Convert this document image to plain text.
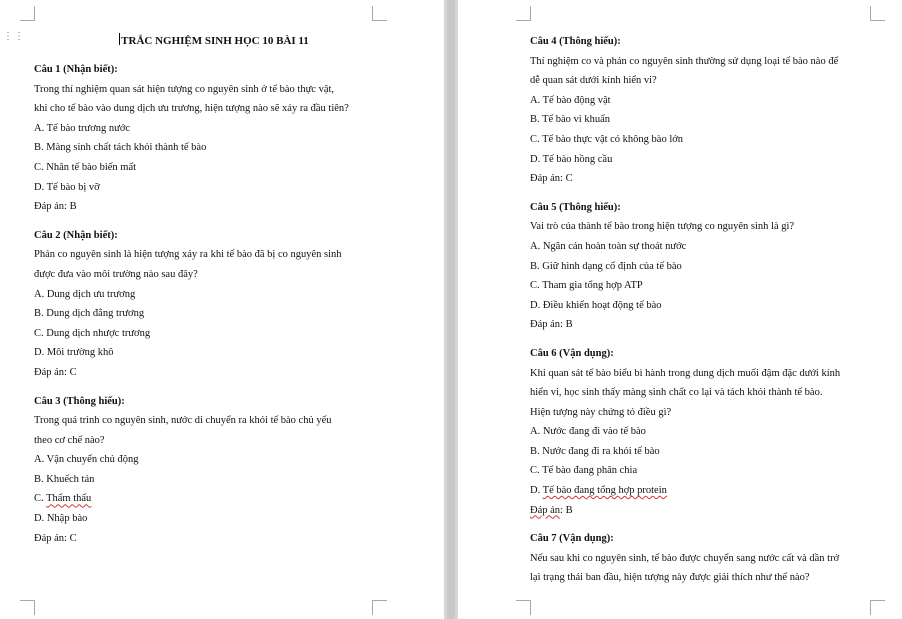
⋮⋮	TRẮC NGHIỆM SINH HỌC 10 BÀI 11
Câu 1 (Nhận biết):
Trong thí nghiệm quan sát hiện tượng co nguyên sinh ở tế bào thực vật,
khi cho tế bào vào dung dịch ưu trương, hiện tượng nào sẽ xảy ra đầu tiên?
A. Tế bào trương nước
B. Màng sinh chất tách khỏi thành tế bào
C. Nhân tế bào biến mất
D. Tế bào bị vỡ
Đáp án: B
Câu 2 (Nhận biết):
Phản co nguyên sinh là hiện tượng xảy ra khi tế bào đã bị co nguyên sinh
được đưa vào môi trường nào sau đây?
A. Dung dịch ưu trương
B. Dung dịch đẳng trương
C. Dung dịch nhược trương
D. Môi trường khô
Đáp án: C
Câu 3 (Thông hiểu):
Trong quá trình co nguyên sinh, nước di chuyển ra khỏi tế bào chủ yếu
theo cơ chế nào?
A. Vận chuyển chủ động
B. Khuếch tán
C. Thẩm thấu
D. Nhập bào
Đáp án: C
Câu 4 (Thông hiểu):
Thí nghiệm co và phản co nguyên sinh thường sử dụng loại tế bào nào để
dễ quan sát dưới kính hiển vi?
A. Tế bào động vật
B. Tế bào vi khuẩn
C. Tế bào thực vật có không bào lớn
D. Tế bào hồng cầu
Đáp án: C
Câu 5 (Thông hiểu):
Vai trò của thành tế bào trong hiện tượng co nguyên sinh là gì?
A. Ngăn cản hoàn toàn sự thoát nước
B. Giữ hình dạng cố định của tế bào
C. Tham gia tổng hợp ATP
D. Điều khiển hoạt động tế bào
Đáp án: B
Câu 6 (Vận dụng):
Khi quan sát tế bào biểu bì hành trong dung dịch muối đậm đặc dưới kính
hiển vi, học sinh thấy màng sinh chất co lại và tách khỏi thành tế bào.
Hiện tượng này chứng tỏ điều gì?
A. Nước đang đi vào tế bào
B. Nước đang đi ra khỏi tế bào
C. Tế bào đang phân chia
D. Tế bào đang tổng hợp protein
Đáp án: B
Câu 7 (Vận dụng):
Nếu sau khi co nguyên sinh, tế bào được chuyển sang nước cất và dần trở
lại trạng thái ban đầu, hiện tượng này được giải thích như thế nào?
